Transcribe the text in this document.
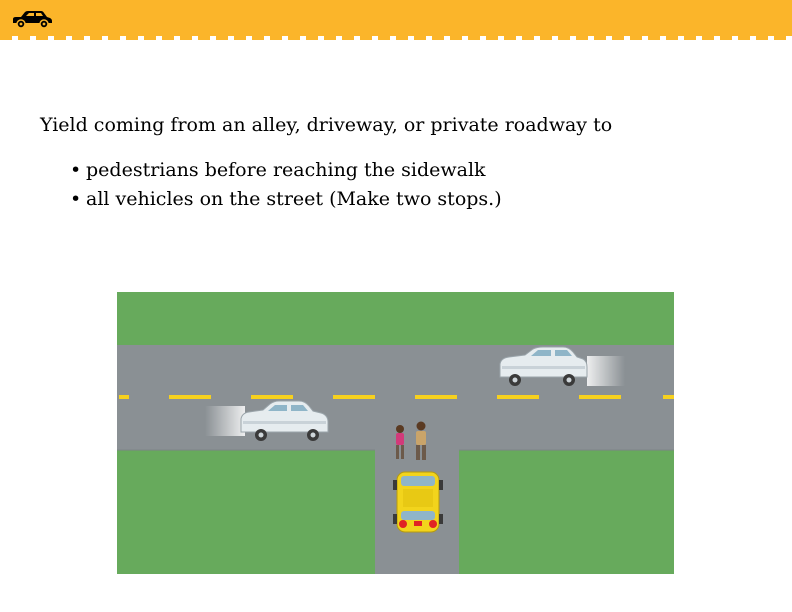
Yield coming from an alley, driveway, or private roadway to
• pedestrians before reaching the sidewalk
• all vehicles on the street (Make two stops.)
